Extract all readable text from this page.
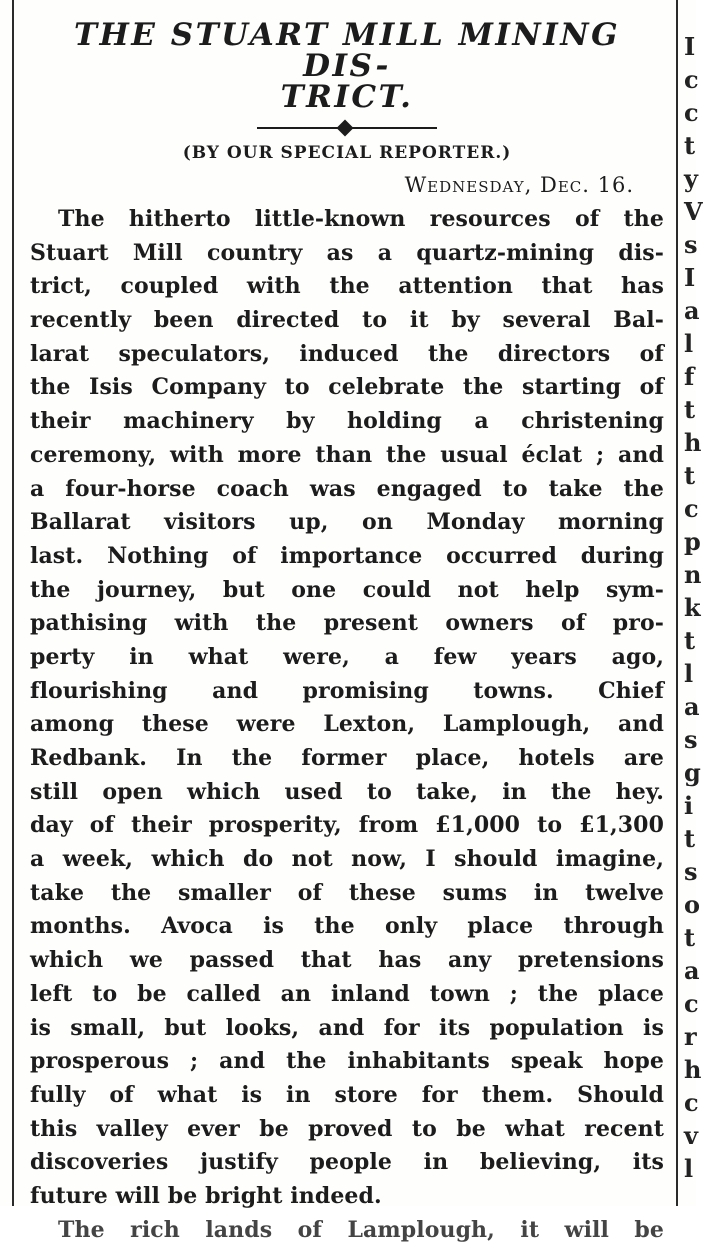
I
c
c
t
y
V
s
I
a
l
f
t
h
t
c
p
n
k
t
l
a
s
g
i
t
s
o
t
a
c
r
h
c
v
l
THE STUART MILL MINING DIS-
TRICT.
(BY OUR SPECIAL REPORTER.)
Wednesday, Dec. 16.
The hitherto little-known resources of the
Stuart Mill country as a quartz-mining dis-
trict, coupled with the attention that has
recently been directed to it by several Bal-
larat speculators, induced the directors of
the Isis Company to celebrate the starting of
their machinery by holding a christening
ceremony, with more than the usual éclat ; and
a four-horse coach was engaged to take the
Ballarat visitors up, on Monday morning
last. Nothing of importance occurred during
the journey, but one could not help sym-
pathising with the present owners of pro-
perty in what were, a few years ago,
flourishing and promising towns. Chief
among these were Lexton, Lamplough, and
Redbank. In the former place, hotels are
still open which used to take, in the hey.
day of their prosperity, from £1,000 to £1,300
a week, which do not now, I should imagine,
take the smaller of these sums in twelve
months. Avoca is the only place through
which we passed that has any pretensions
left to be called an inland town ; the place
is small, but looks, and for its population is
prosperous ; and the inhabitants speak hope
fully of what is in store for them. Should
this valley ever be proved to be what recent
discoveries justify people in believing, its
future will be bright indeed.
The rich lands of Lamplough, it will be
